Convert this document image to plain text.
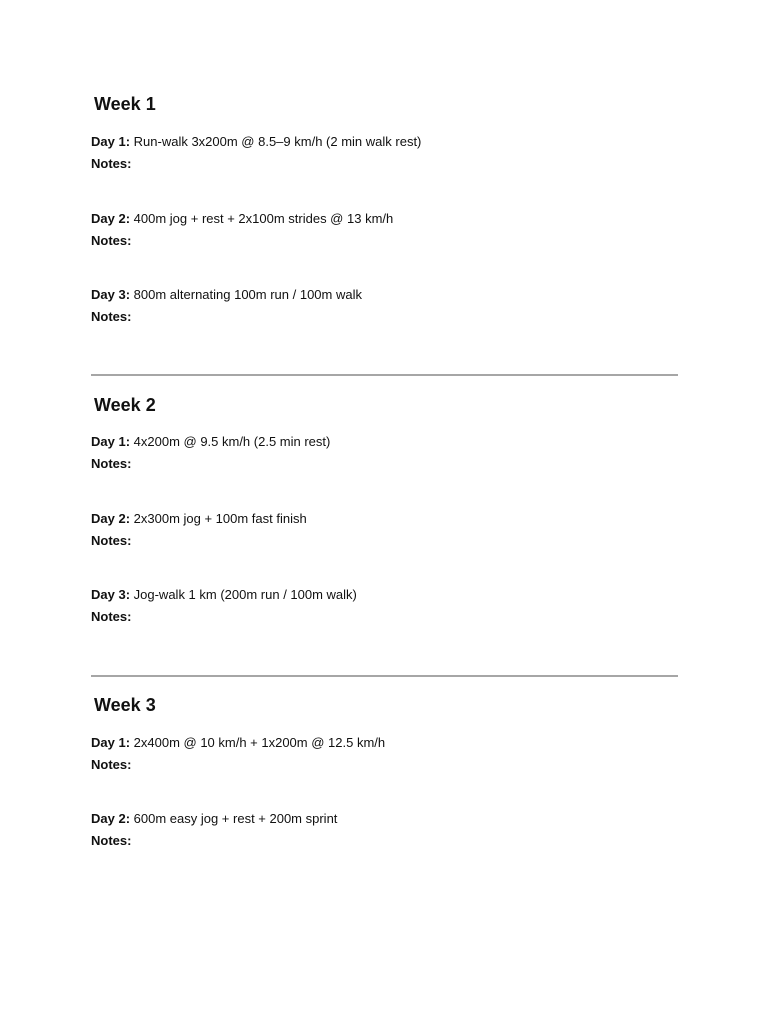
Week 1
Day 1: Run-walk 3x200m @ 8.5–9 km/h (2 min walk rest)
Notes:
Day 2: 400m jog + rest + 2x100m strides @ 13 km/h
Notes:
Day 3: 800m alternating 100m run / 100m walk
Notes:
Week 2
Day 1: 4x200m @ 9.5 km/h (2.5 min rest)
Notes:
Day 2: 2x300m jog + 100m fast finish
Notes:
Day 3: Jog-walk 1 km (200m run / 100m walk)
Notes:
Week 3
Day 1: 2x400m @ 10 km/h + 1x200m @ 12.5 km/h
Notes:
Day 2: 600m easy jog + rest + 200m sprint
Notes:
